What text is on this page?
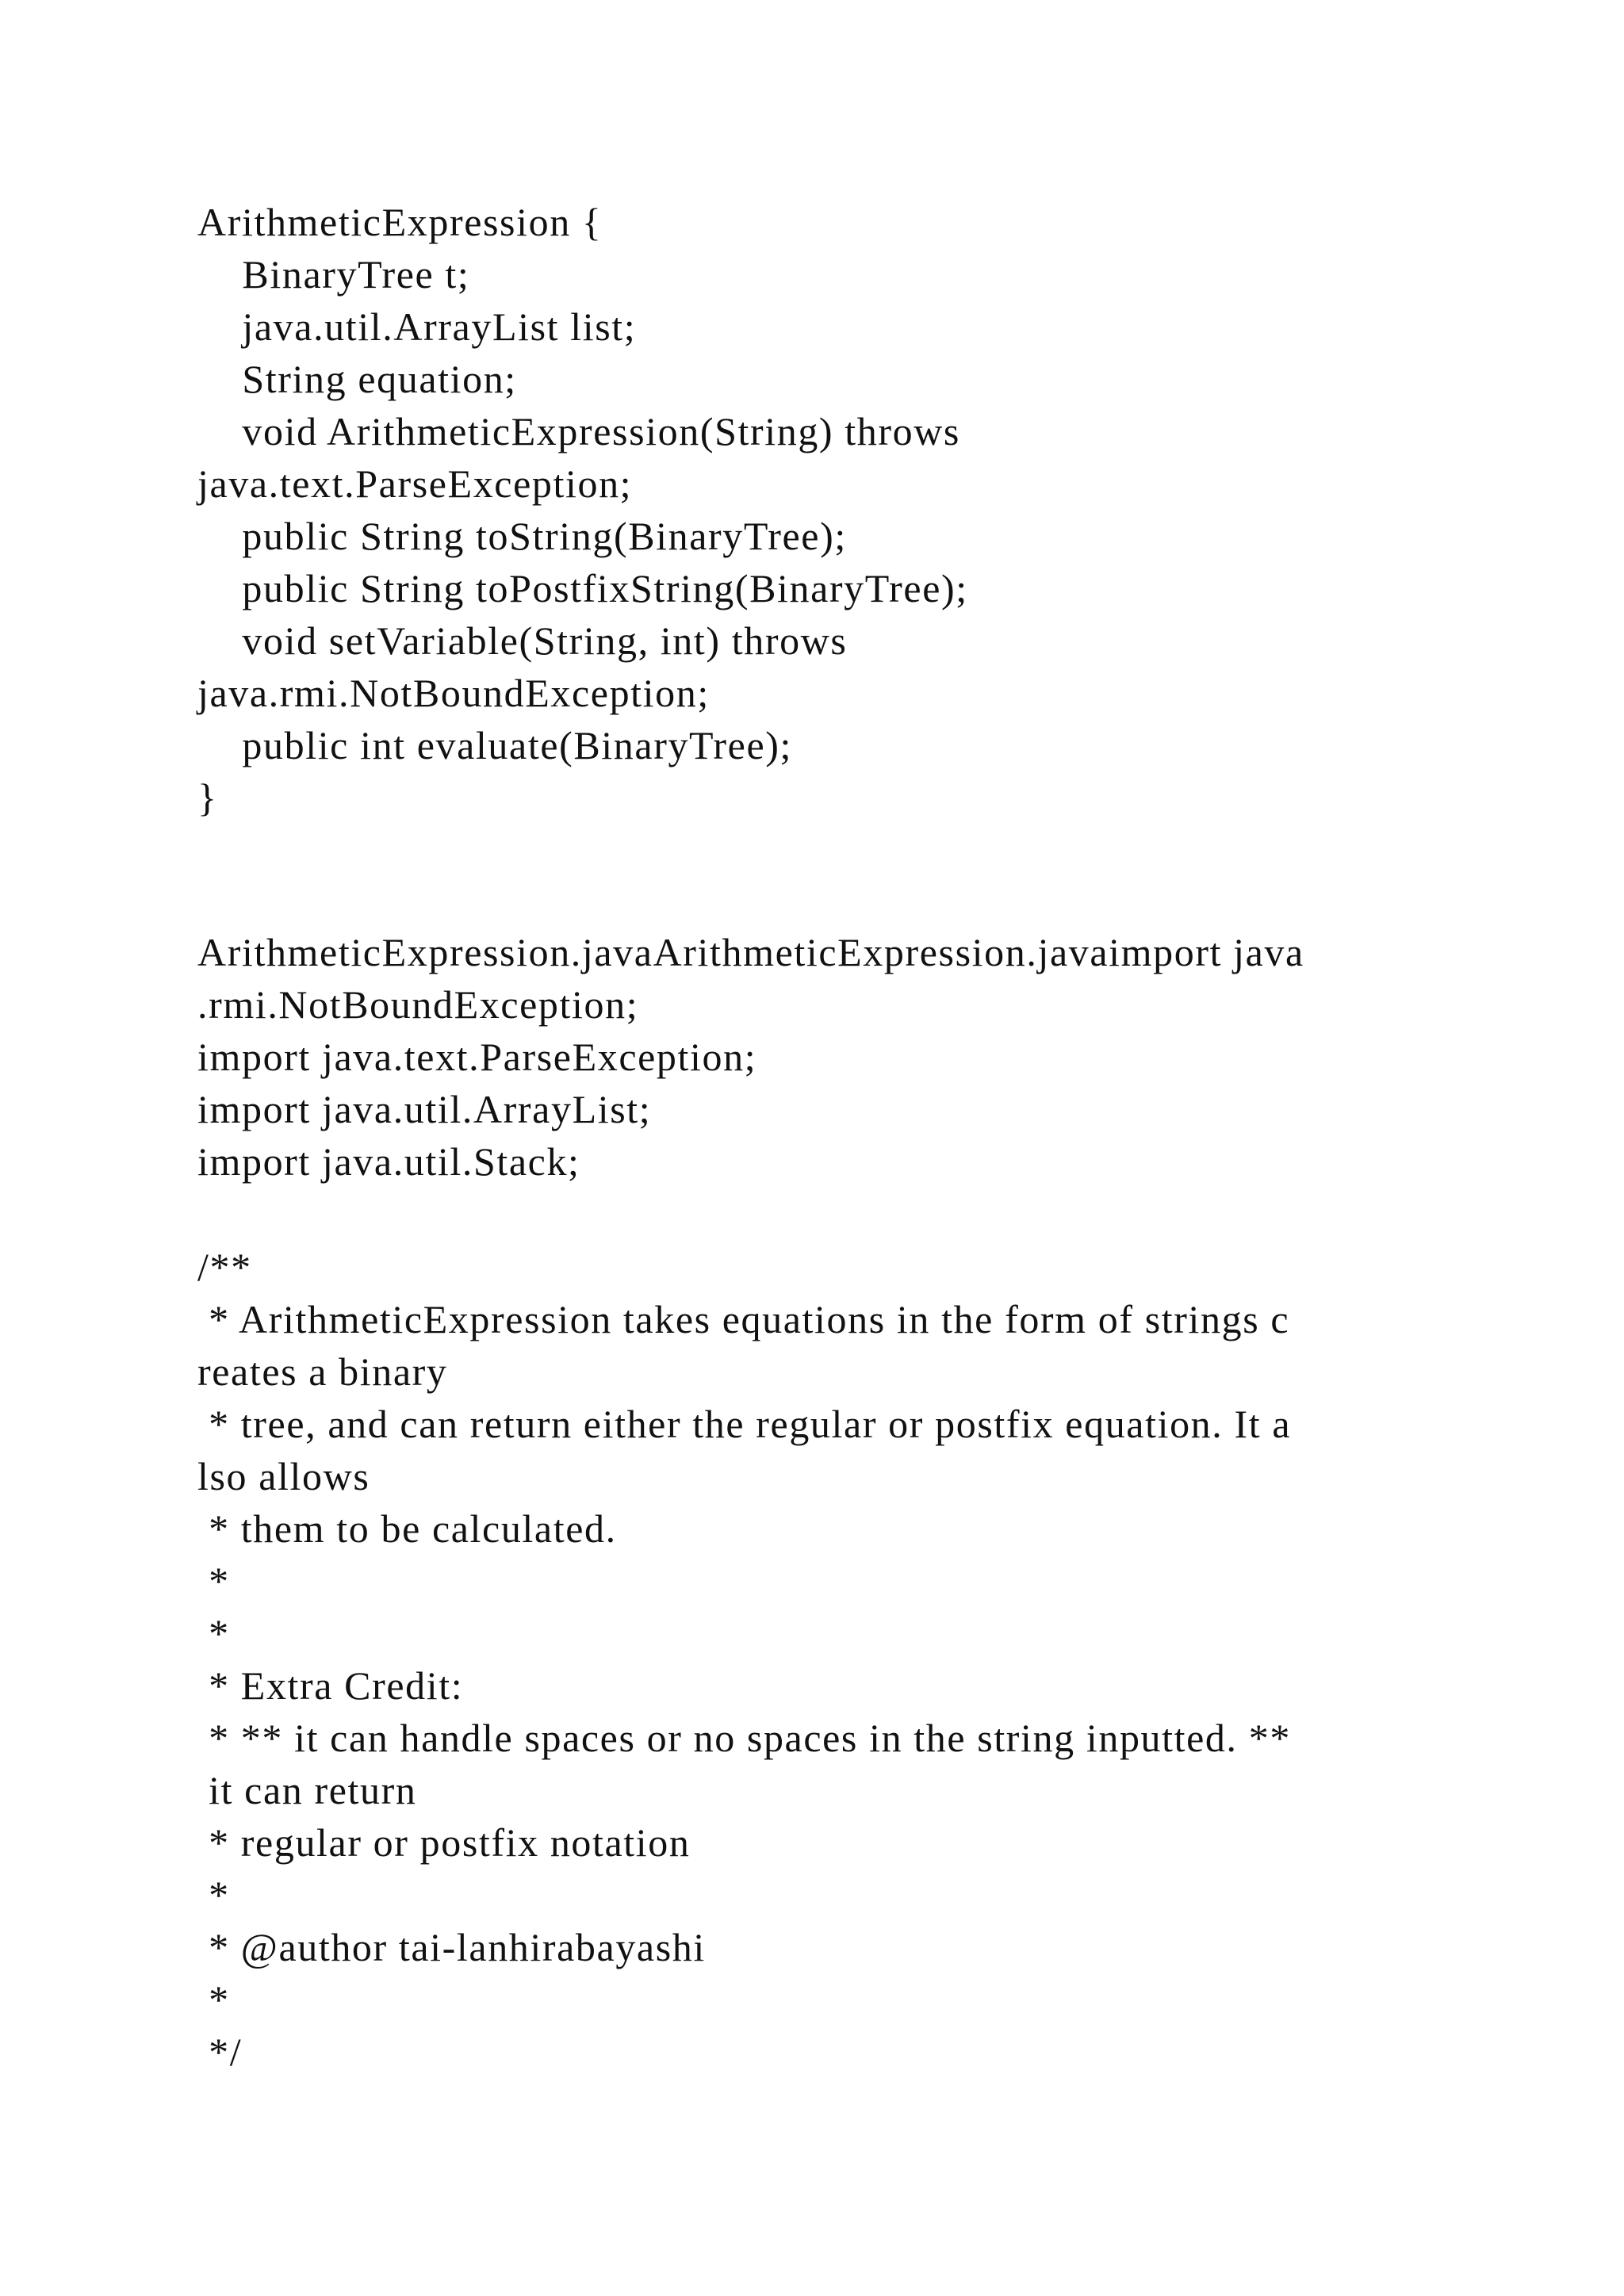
ArithmeticExpression {
BinaryTree t;
java.util.ArrayList list;
String equation;
void ArithmeticExpression(String) throws
java.text.ParseException;
public String toString(BinaryTree);
public String toPostfixString(BinaryTree);
void setVariable(String, int) throws
java.rmi.NotBoundException;
public int evaluate(BinaryTree);
}
ArithmeticExpression.javaArithmeticExpression.javaimport java
.rmi.NotBoundException;
import java.text.ParseException;
import java.util.ArrayList;
import java.util.Stack;
/**
* ArithmeticExpression takes equations in the form of strings c
reates a binary
* tree, and can return either the regular or postfix equation. It a
lso allows
* them to be calculated.
*
*
* Extra Credit:
* ** it can handle spaces or no spaces in the string inputted. **
it can return
* regular or postfix notation
*
* @author tai-lanhirabayashi
*
*/
